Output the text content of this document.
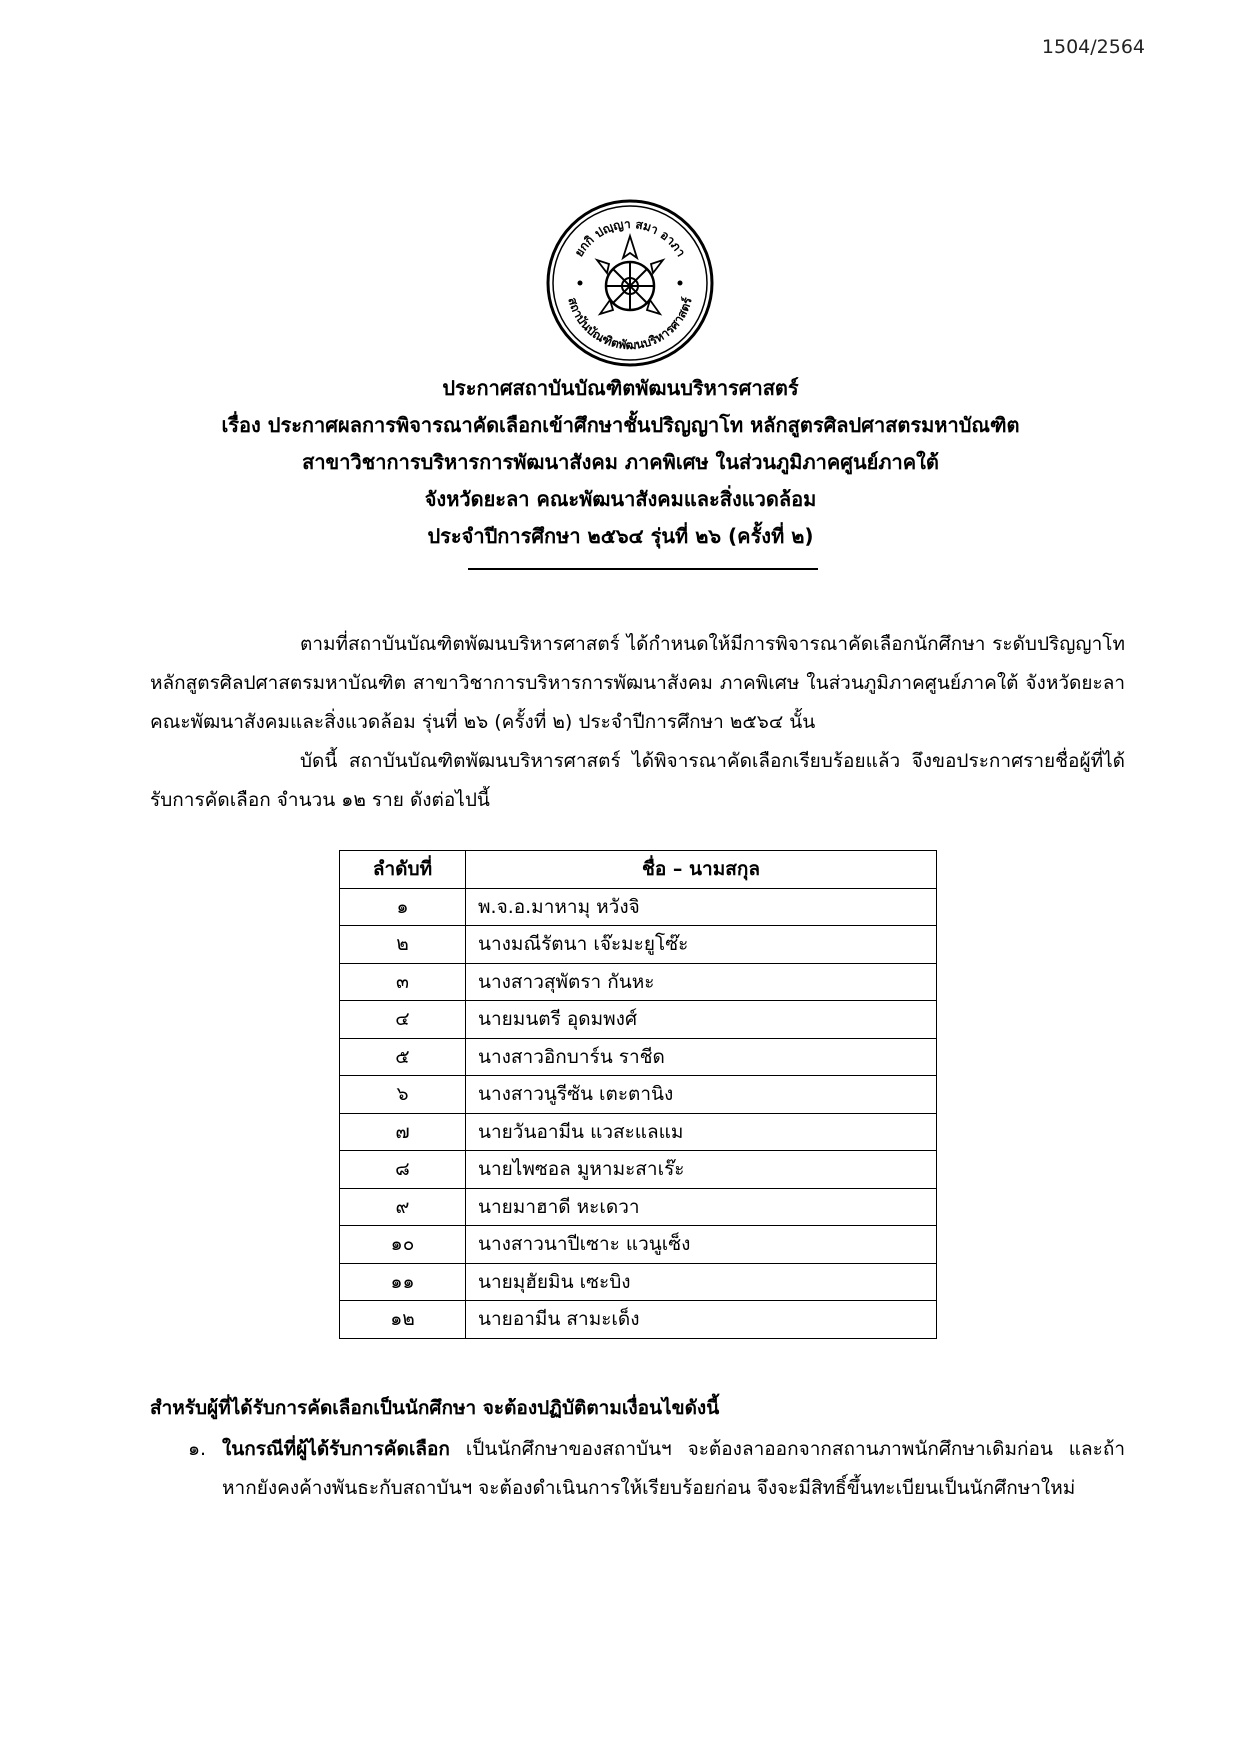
1504/2564
ยกกิ ปญฺญา สมา อาภา
สถาบันบัณฑิตพัฒนบริหารศาสตร์
ประกาศสถาบันบัณฑิตพัฒนบริหารศาสตร์
เรื่อง ประกาศผลการพิจารณาคัดเลือกเข้าศึกษาชั้นปริญญาโท หลักสูตรศิลปศาสตรมหาบัณฑิต
สาขาวิชาการบริหารการพัฒนาสังคม ภาคพิเศษ ในส่วนภูมิภาคศูนย์ภาคใต้
จังหวัดยะลา คณะพัฒนาสังคมและสิ่งแวดล้อม
ประจำปีการศึกษา ๒๕๖๔ รุ่นที่ ๒๖ (ครั้งที่ ๒)
ตามที่สถาบันบัณฑิตพัฒนบริหารศาสตร์ ได้กำหนดให้มีการพิจารณาคัดเลือกนักศึกษา ระดับปริญญาโท หลักสูตรศิลปศาสตรมหาบัณฑิต สาขาวิชาการบริหารการพัฒนาสังคม ภาคพิเศษ ในส่วนภูมิภาคศูนย์ภาคใต้ จังหวัดยะลา คณะพัฒนาสังคมและสิ่งแวดล้อม รุ่นที่ ๒๖ (ครั้งที่ ๒) ประจำปีการศึกษา ๒๕๖๔ นั้น
บัดนี้ สถาบันบัณฑิตพัฒนบริหารศาสตร์ ได้พิจารณาคัดเลือกเรียบร้อยแล้ว จึงขอประกาศรายชื่อผู้ที่ได้รับการคัดเลือก จำนวน ๑๒ ราย ดังต่อไปนี้
ลำดับที่	ชื่อ – นามสกุล
๑	พ.จ.อ.มาหามุ หวังจิ
๒	นางมณีรัตนา เจ๊ะมะยูโซ๊ะ
๓	นางสาวสุพัตรา กันหะ
๔	นายมนตรี อุดมพงศ์
๕	นางสาวอิกบาร์น ราชีด
๖	นางสาวนูรีซัน เตะตานิง
๗	นายวันอามีน แวสะแลแม
๘	นายไพซอล มูหามะสาเร๊ะ
๙	นายมาฮาดี หะเดวา
๑๐	นางสาวนาปีเซาะ แวนูเซ็ง
๑๑	นายมุฮัยมิน เซะบิง
๑๒	นายอามีน สามะเด็ง
สำหรับผู้ที่ได้รับการคัดเลือกเป็นนักศึกษา จะต้องปฏิบัติตามเงื่อนไขดังนี้
๑. ในกรณีที่ผู้ได้รับการคัดเลือก เป็นนักศึกษาของสถาบันฯ จะต้องลาออกจากสถานภาพนักศึกษาเดิมก่อน และถ้าหากยังคงค้างพันธะกับสถาบันฯ จะต้องดำเนินการให้เรียบร้อยก่อน จึงจะมีสิทธิ์ขึ้นทะเบียนเป็นนักศึกษาใหม่
